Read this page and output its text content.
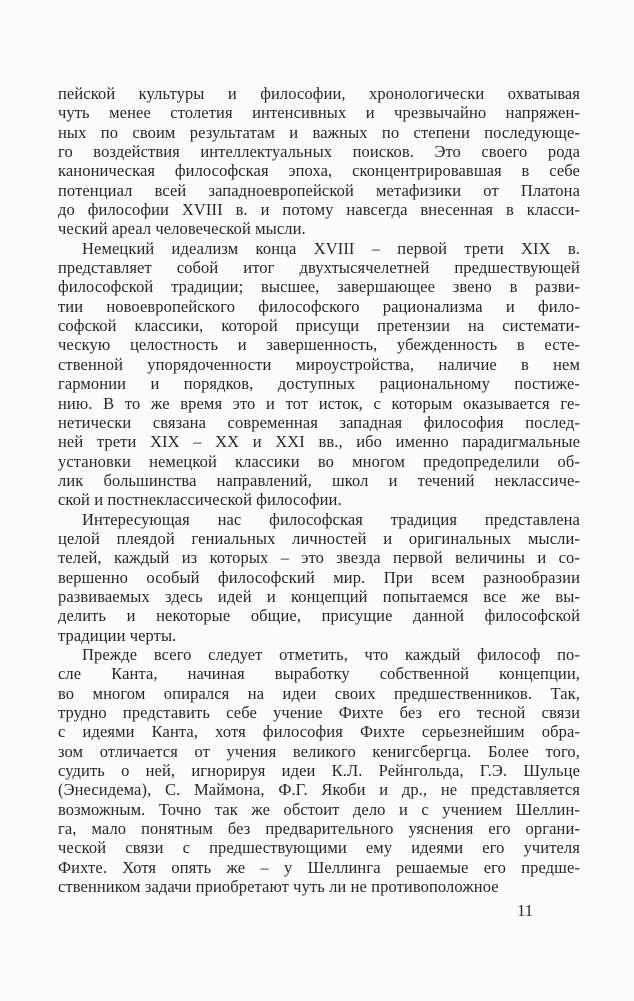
пейской культуры и философии, хронологически охватывая
чуть менее столетия интенсивных и чрезвычайно напряжен-
ных по своим результатам и важных по степени последующе-
го воздействия интеллектуальных поисков. Это своего рода
каноническая философская эпоха, сконцентрировавшая в себе
потенциал всей западноевропейской метафизики от Платона
до философии XVIII в. и потому навсегда внесенная в класси-
ческий ареал человеческой мысли.
Немецкий идеализм конца XVIII – первой трети XIX в.
представляет собой итог двухтысячелетней предшествующей
философской традиции; высшее, завершающее звено в разви-
тии новоевропейского философского рационализма и фило-
софской классики, которой присущи претензии на системати-
ческую целостность и завершенность, убежденность в есте-
ственной упорядоченности мироустройства, наличие в нем
гармонии и порядков, доступных рациональному постиже-
нию. В то же время это и тот исток, с которым оказывается ге-
нетически связана современная западная философия послед-
ней трети XIX – XX и XXI вв., ибо именно парадигмальные
установки немецкой классики во многом предопределили об-
лик большинства направлений, школ и течений неклассиче-
ской и постнеклассической философии.
Интересующая нас философская традиция представлена
целой плеядой гениальных личностей и оригинальных мысли-
телей, каждый из которых – это звезда первой величины и со-
вершенно особый философский мир. При всем разнообразии
развиваемых здесь идей и концепций попытаемся все же вы-
делить и некоторые общие, присущие данной философской
традиции черты.
Прежде всего следует отметить, что каждый философ по-
сле Канта, начиная выработку собственной концепции,
во многом опирался на идеи своих предшественников. Так,
трудно представить себе учение Фихте без его тесной связи
с идеями Канта, хотя философия Фихте серьезнейшим обра-
зом отличается от учения великого кенигсбергца. Более того,
судить о ней, игнорируя идеи К.Л. Рейнгольда, Г.Э. Шульце
(Энесидема), С. Маймона, Ф.Г. Якоби и др., не представляется
возможным. Точно так же обстоит дело и с учением Шеллин-
га, мало понятным без предварительного уяснения его органи-
ческой связи с предшествующими ему идеями его учителя
Фихте. Хотя опять же – у Шеллинга решаемые его предше-
ственником задачи приобретают чуть ли не противоположное
11
